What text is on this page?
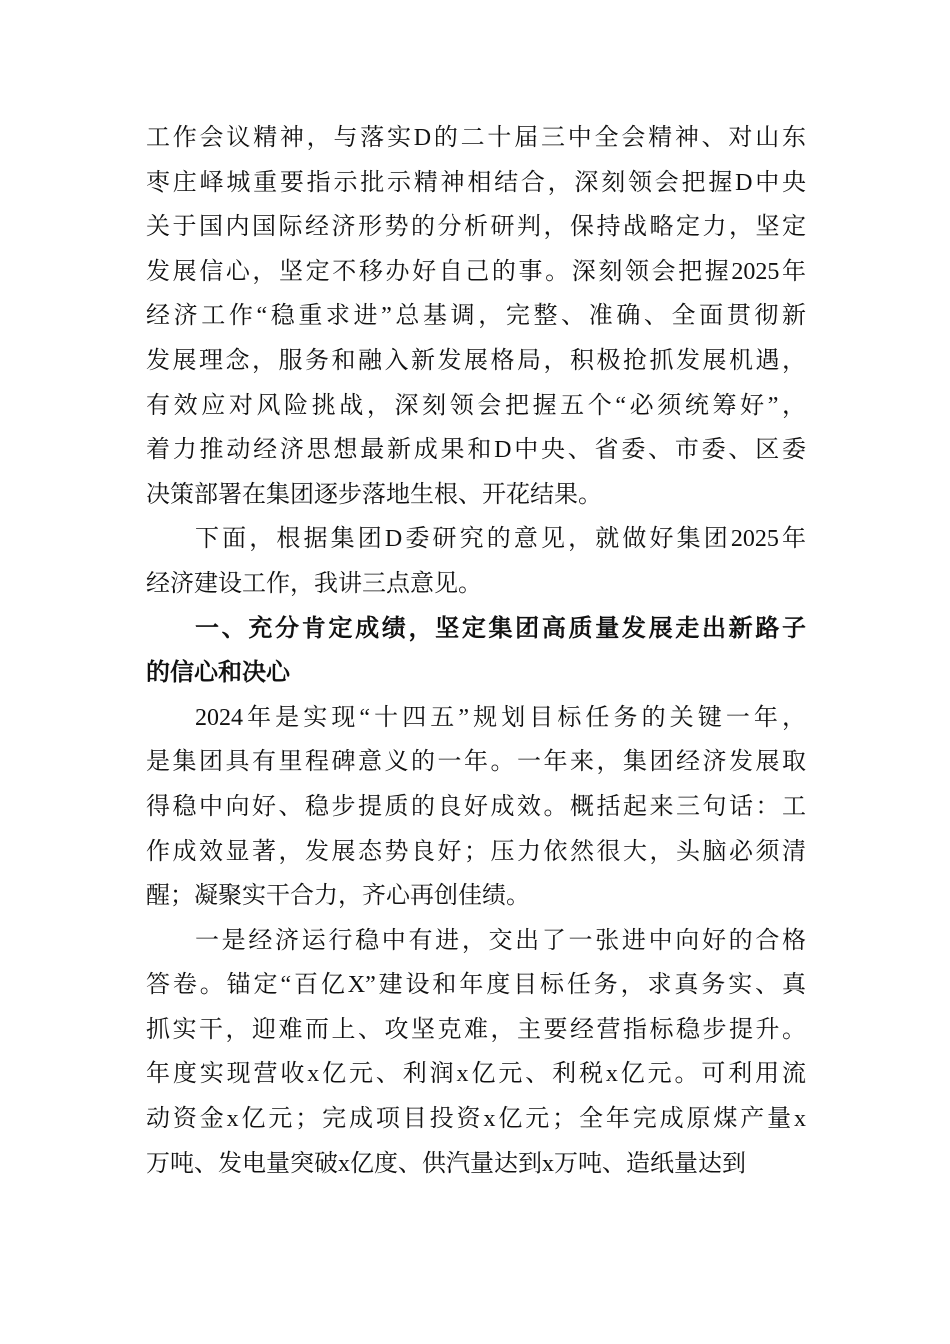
工作会议精神，与落实D的二十届三中全会精神、对山东
枣庄峄城重要指示批示精神相结合，深刻领会把握D中央
关于国内国际经济形势的分析研判，保持战略定力，坚定
发展信心，坚定不移办好自己的事。深刻领会把握2025年
经济工作“稳重求进”总基调，完整、准确、全面贯彻新
发展理念，服务和融入新发展格局，积极抢抓发展机遇，
有效应对风险挑战，深刻领会把握五个“必须统筹好”，
着力推动经济思想最新成果和D中央、省委、市委、区委
决策部署在集团逐步落地生根、开花结果。
下面，根据集团D委研究的意见，就做好集团2025年
经济建设工作，我讲三点意见。
一、充分肯定成绩，坚定集团高质量发展走出新路子
的信心和决心
2024年是实现“十四五”规划目标任务的关键一年，
是集团具有里程碑意义的一年。一年来，集团经济发展取
得稳中向好、稳步提质的良好成效。概括起来三句话：工
作成效显著，发展态势良好；压力依然很大，头脑必须清
醒；凝聚实干合力，齐心再创佳绩。
一是经济运行稳中有进，交出了一张进中向好的合格
答卷。锚定“百亿X”建设和年度目标任务，求真务实、真
抓实干，迎难而上、攻坚克难，主要经营指标稳步提升。
年度实现营收x亿元、利润x亿元、利税x亿元。可利用流
动资金x亿元；完成项目投资x亿元；全年完成原煤产量x
万吨、发电量突破x亿度、供汽量达到x万吨、造纸量达到
